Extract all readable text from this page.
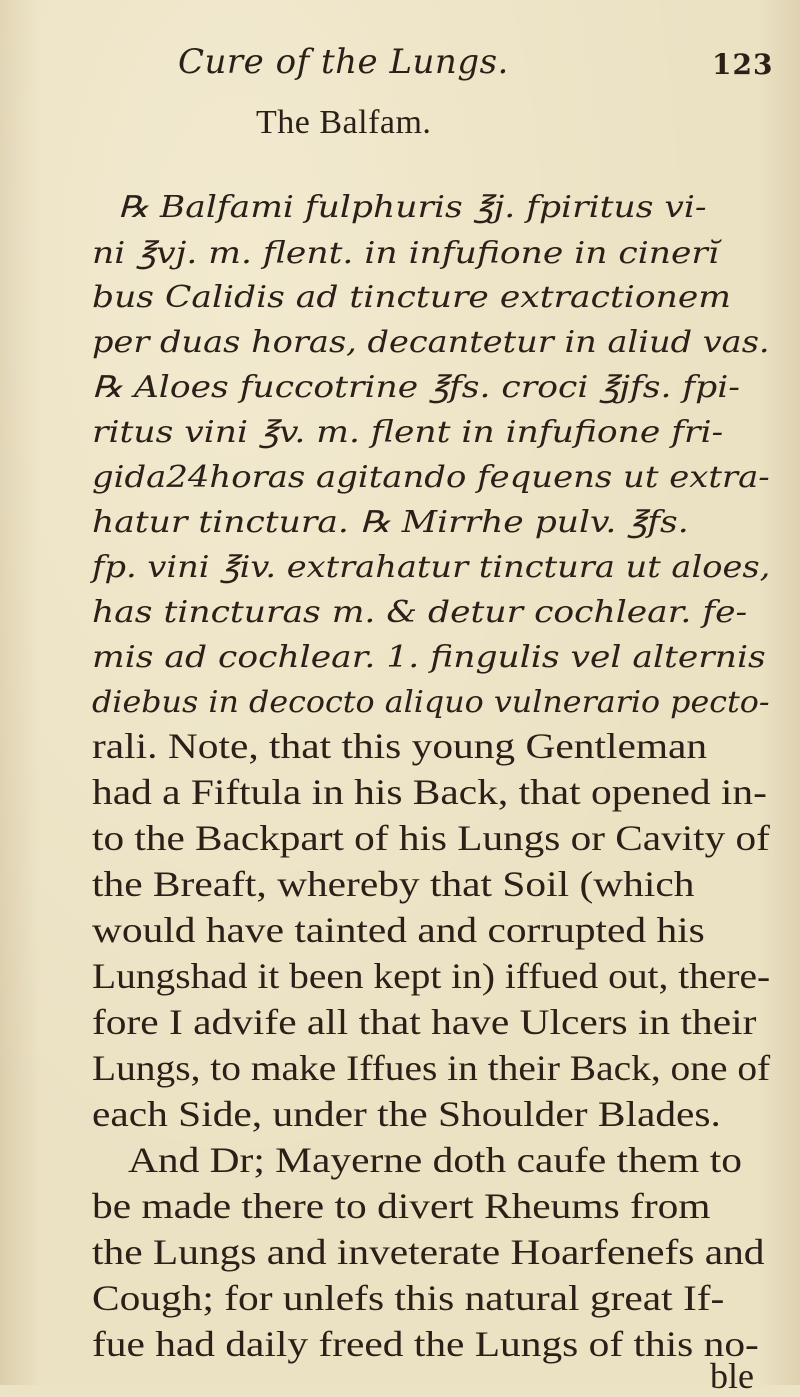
Cure of the Lungs.	123
The Balfam.
℞ Balfami fulphuris ℥j. fpiritus vi-
ni ℥vj. m. flent. in infufione in cinerĭ
bus Calidis ad tincture extractionem
per duas horas, decantetur in aliud vas.
℞ Aloes fuccotrine ℥fs. croci ℥jfs. fpi-
ritus vini ℥v. m. flent in infufione fri-
gida24horas agitando fequens ut extra-
hatur tinctura. ℞ Mirrhe pulv. ℥fs.
fp. vini ℥iv. extrahatur tinctura ut aloes,
has tincturas m. & detur cochlear. fe-
mis ad cochlear. 1. fingulis vel alternis
diebus in decocto aliquo vulnerario pecto-
rali. Note, that this young Gentleman
had a Fiftula in his Back, that opened in-
to the Backpart of his Lungs or Cavity of
the Breaft, whereby that Soil (which
would have tainted and corrupted his
Lungshad it been kept in) iffued out, there-
fore I advife all that have Ulcers in their
Lungs, to make Iffues in their Back, one of
each Side, under the Shoulder Blades.
And Dr; Mayerne doth caufe them to
be made there to divert Rheums from
the Lungs and inveterate Hoarfenefs and
Cough; for unlefs this natural great If-
fue had daily freed the Lungs of this no-
ble
